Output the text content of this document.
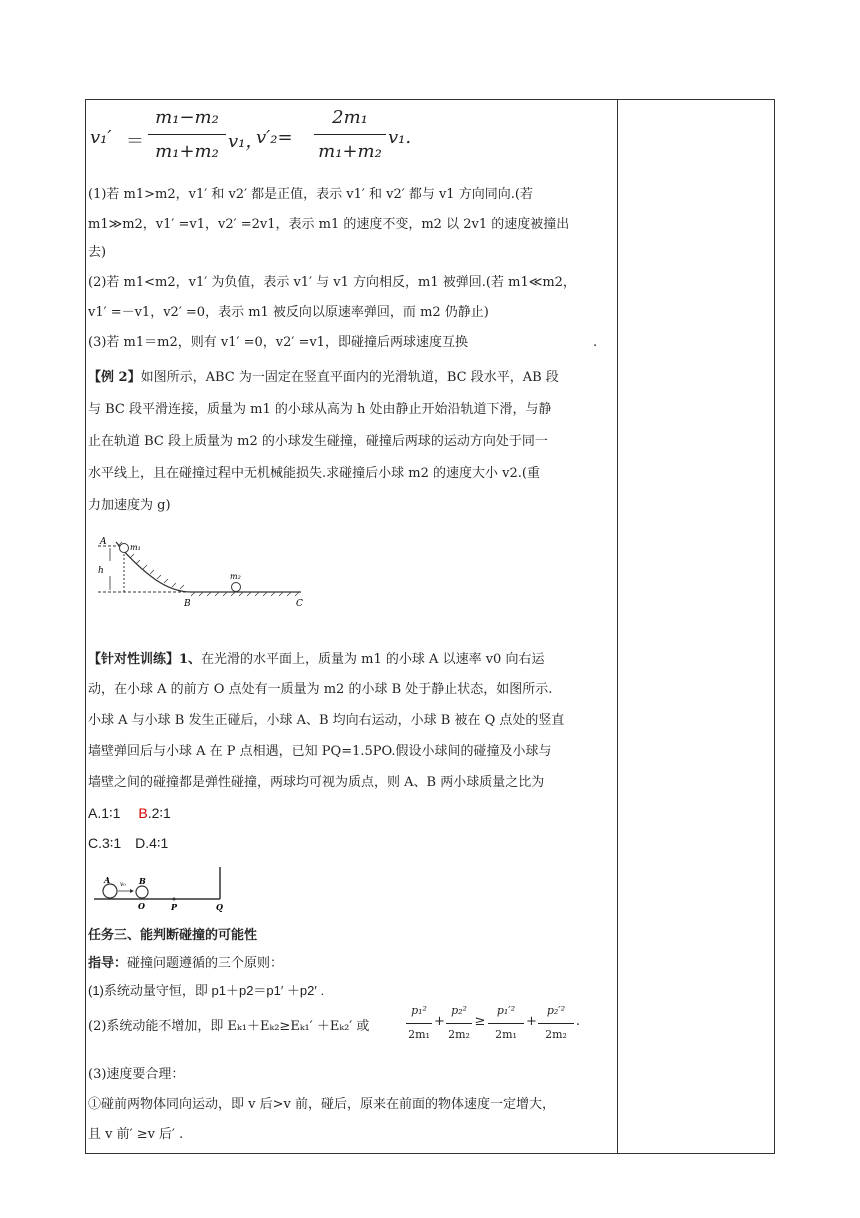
v₁′ ＝
m₁−m₂
m₁+m₂ v₁，
v′₂=
2m₁
m₁+m₂
v₁.
(1)若 m1>m2，v1′ 和 v2′ 都是正值，表示 v1′ 和 v2′ 都与 v1 方向同向.(若
m1≫m2，v1′ =v1，v2′ =2v1，表示 m1 的速度不变，m2 以 2v1 的速度被撞出
去)
(2)若 m1<m2，v1′ 为负值，表示 v1′ 与 v1 方向相反，m1 被弹回.(若 m1≪m2，
v1′ =－v1，v2′ =0，表示 m1 被反向以原速率弹回，而 m2 仍静止)
(3)若 m1＝m2，则有 v1′ =0，v2′ =v1，即碰撞后两球速度互换	.
【例 2】如图所示，ABC 为一固定在竖直平面内的光滑轨道，BC 段水平，AB 段
与 BC 段平滑连接，质量为 m1 的小球从高为 h 处由静止开始沿轨道下滑，与静
止在轨道 BC 段上质量为 m2 的小球发生碰撞，碰撞后两球的运动方向处于同一
水平线上，且在碰撞过程中无机械能损失.求碰撞后小球 m2 的速度大小 v2.(重
力加速度为 g)
A
h
m₁
m₂
B	C
【针对性训练】1、在光滑的水平面上，质量为 m1 的小球 A 以速率 v0 向右运
动，在小球 A 的前方 O 点处有一质量为 m2 的小球 B 处于静止状态，如图所示.
小球 A 与小球 B 发生正碰后，小球 A、B 均向右运动，小球 B 被在 Q 点处的竖直
墙壁弹回后与小球 A 在 P 点相遇，已知 PQ=1.5PO.假设小球间的碰撞及小球与
墙壁之间的碰撞都是弹性碰撞，两球均可视为质点，则 A、B 两小球质量之比为
A.1∶1 B.2∶1
C.3∶1 D.4∶1
A v₀ B
O	P	Q
任务三、能判断碰撞的可能性
指导：碰撞问题遵循的三个原则：
(1)系统动量守恒，即 p1＋p2＝p1′ ＋p2′ .
(2)系统动能不增加，即 Eₖ₁＋Eₖ₂≥Eₖ₁′ ＋Eₖ₂′ 或
p₁²
2m₁
+
p₂²
2m₂
≥
p₁′²
2m₁
+
p₂′²
2m₂
.
(3)速度要合理：
①碰前两物体同向运动，即 v 后>v 前，碰后，原来在前面的物体速度一定增大，
且 v 前′ ≥v 后′ .
